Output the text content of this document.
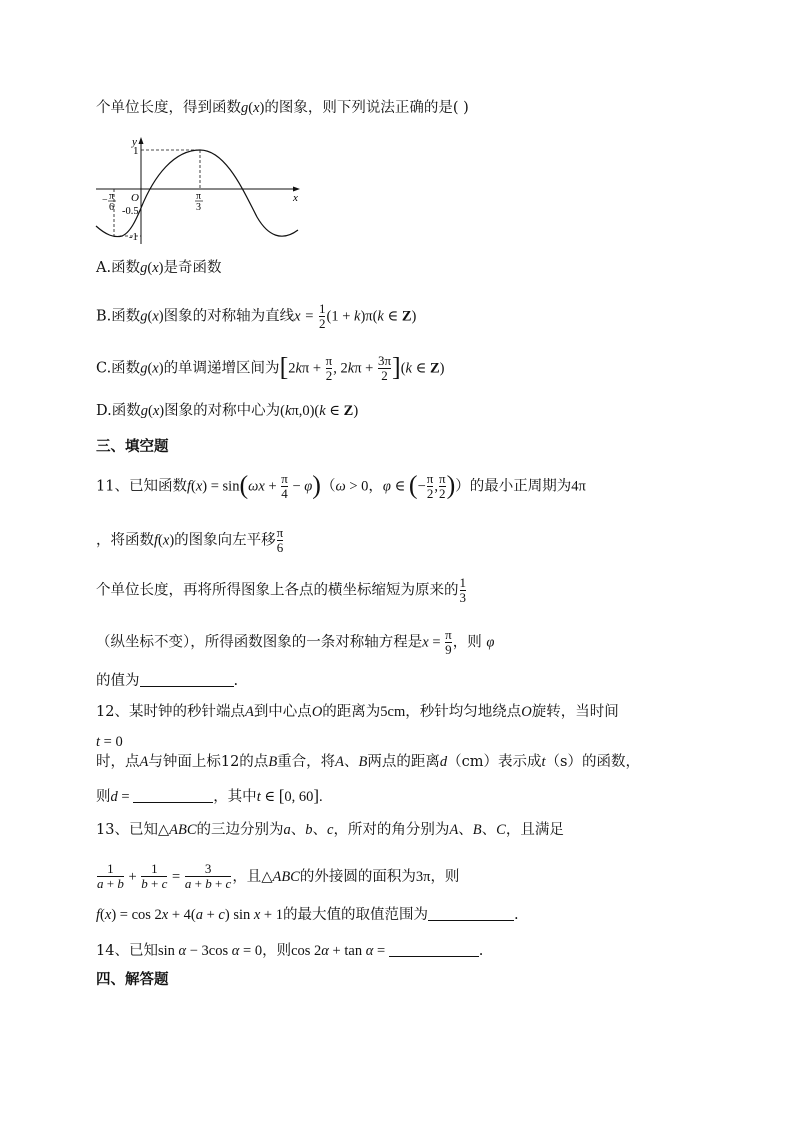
个单位长度，得到函数g(x)的图象，则下列说法正确的是( )
y
x
O
1
-0.5
-1
π
3
− π
6
A.函数g(x)是奇函数
B.函数g(x)图象的对称轴为直线$x = \frac{1}{2} (1 + k)\pi(k$ ∈ Z)
C.函数g(x)的单调递增区间为[$2k\pi + \frac{\pi}{2}$ , $2k\pi + \frac{3\pi}{2} ](k$ ∈ Z)
D.函数g(x)图象的对称中心为(kπ,0)(k ∈ Z)
三、填空题
11、已知函数$f(x) = \sin(\omega x + \frac{\pi}{4} - \varphi)(\omega > 0$，φ ∈ (− $\frac{\pi}{2}$ , $\frac{\pi}{2}$ )）的最小正周期为4π
，将函数f(x)的图象向左平移 $\frac{\pi}{6}$
个单位长度，再将所得图象上各点的横坐标缩短为原来的 $\frac{1}{3}$
（纵坐标不变），所得函数图象的一条对称轴方程是$x = \frac{\pi}{9}$ ，则 φ
的值为	.
12、某时钟的秒针端点A到中心点O的距离为5cm，秒针均匀地绕点O旋转，当时间
t = 0
时，点A与钟面上标12的点B重合，将A、B两点的距离d（cm）表示成t（s）的函数，
则d =	，其中t ∈ [0, 60].
13、已知△ABC的三边分别为a、b、c，所对的角分别为A、B、C，且满足
$\frac{1}{a + b} + \frac{1}{b + c} = \frac{3}{a + b + c}$ ，且△ABC的外接圆的面积为3π，则
f(x) = cos 2x + 4(a + c) sin x + 1的最大值的取值范围为	.
14、已知sin α − 3cos α = 0，则cos 2α + tan α =	.
四、解答题
